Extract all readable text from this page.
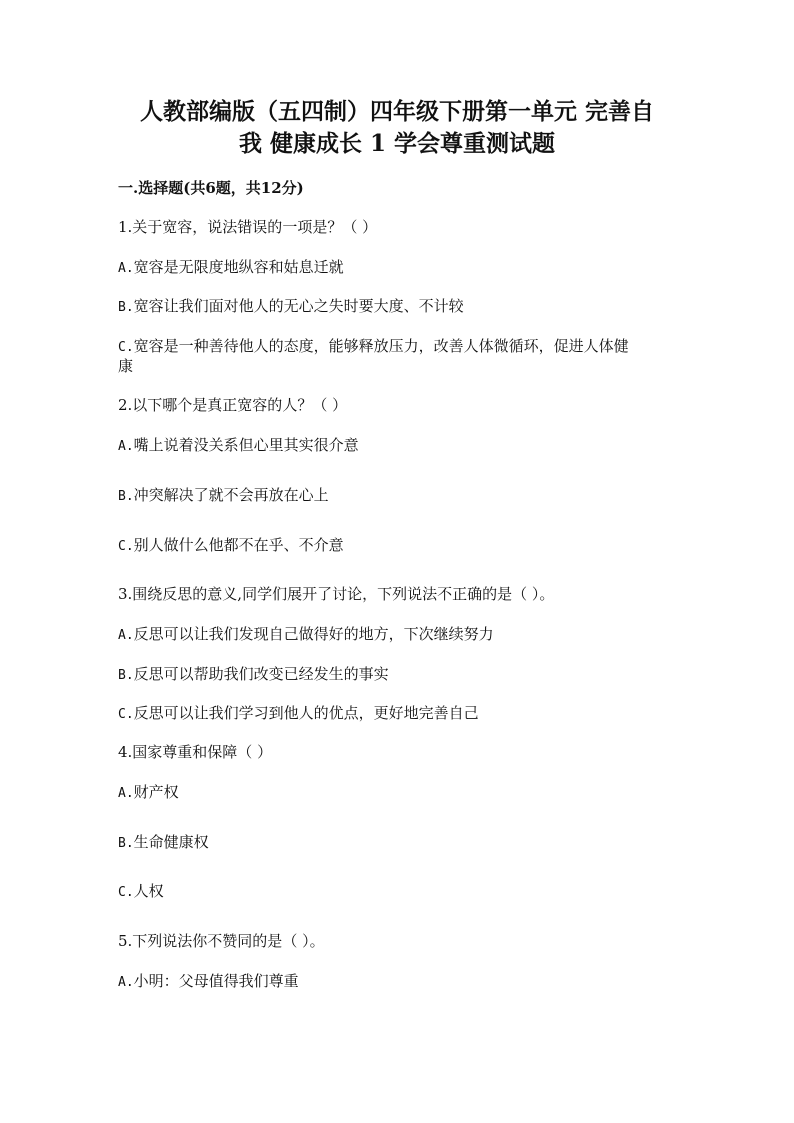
人教部编版（五四制）四年级下册第一单元 完善自
我 健康成长 1 学会尊重测试题

一.选择题(共6题，共12分)

1.关于宽容，说法错误的一项是？（ ）

A.宽容是无限度地纵容和姑息迁就

B.宽容让我们面对他人的无心之失时要大度、不计较

C.宽容是一种善待他人的态度，能够释放压力，改善人体微循环，促进人体健

康

2.以下哪个是真正宽容的人？（ ）

A.嘴上说着没关系但心里其实很介意

B.冲突解决了就不会再放在心上

C.别人做什么他都不在乎、不介意

3.围绕反思的意义,同学们展开了讨论，下列说法不正确的是（ ）。

A.反思可以让我们发现自己做得好的地方，下次继续努力

B.反思可以帮助我们改变已经发生的事实

C.反思可以让我们学习到他人的优点，更好地完善自己

4.国家尊重和保障（ ）

A.财产权

B.生命健康权

C.人权

5.下列说法你不赞同的是（ ）。

A.小明：父母值得我们尊重
